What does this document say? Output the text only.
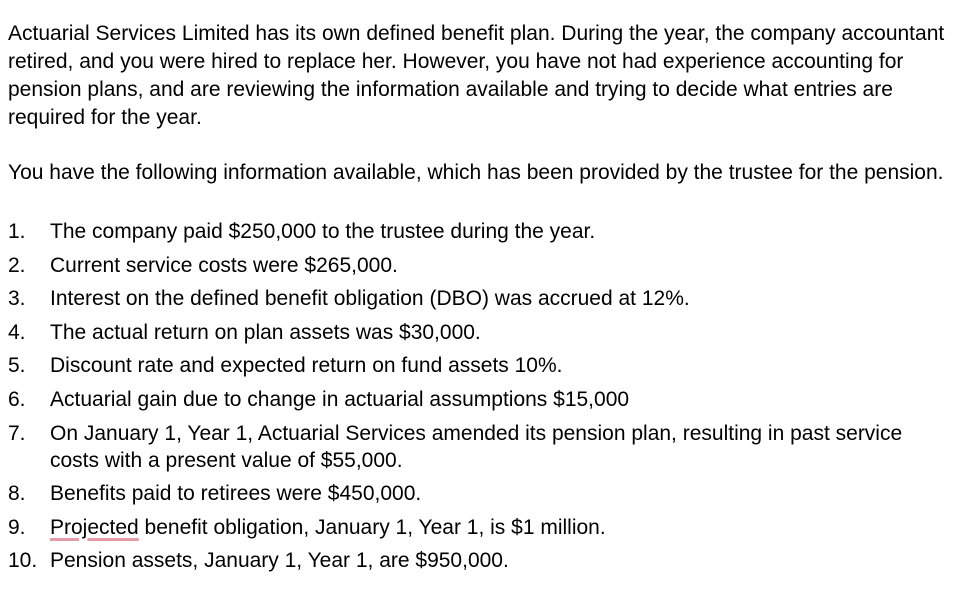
Actuarial Services Limited has its own defined benefit plan. During the year, the company accountant retired, and you were hired to replace her. However, you have not had experience accounting for pension plans, and are reviewing the information available and trying to decide what entries are required for the year.

You have the following information available, which has been provided by the trustee for the pension.

1.	The company paid $250,000 to the trustee during the year.
2.	Current service costs were $265,000.
3.	Interest on the defined benefit obligation (DBO) was accrued at 12%.
4.	The actual return on plan assets was $30,000.
5.	Discount rate and expected return on fund assets 10%.
6.	Actuarial gain due to change in actuarial assumptions $15,000
7.	On January 1, Year 1, Actuarial Services amended its pension plan, resulting in past service costs with a present value of $55,000.
8.	Benefits paid to retirees were $450,000.
9.	Projected benefit obligation, January 1, Year 1, is $1 million.
10. Pension assets, January 1, Year 1, are $950,000.
